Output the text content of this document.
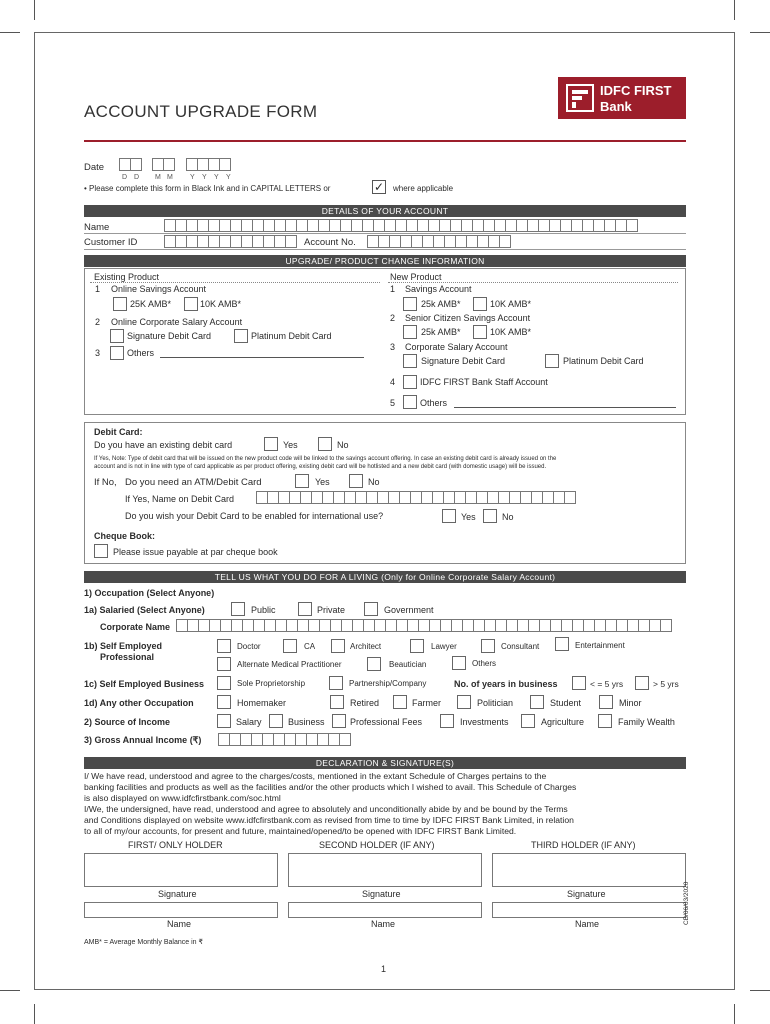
ACCOUNT UPGRADE FORM
IDFC FIRST
Bank
Date
D D M M Y Y Y Y
• Please complete this form in Black Ink and in CAPITAL LETTERS or	✓ where applicable
DETAILS OF YOUR ACCOUNT
Name
Customer ID	Account No.
UPGRADE/ PRODUCT CHANGE INFORMATION
Existing Product	New Product
1 Online Savings Account
25K AMB*	10K AMB*
2 Online Corporate Salary Account
Signature Debit Card	Platinum Debit Card
3	Others
1 Savings Account
25k AMB*	10K AMB*
2 Senior Citizen Savings Account
25k AMB*	10K AMB*
3 Corporate Salary Account
Signature Debit Card	Platinum Debit Card
4	IDFC FIRST Bank Staff Account
5	Others
Debit Card:
Do you have an existing debit card	Yes	No
If Yes, Note: Type of debit card that will be issued on the new product code will be linked to the savings account offering. In case an existing debit card is already issued on the
account and is not in line with type of card applicable as per product offering, existing debit card will be hotlisted and a new debit card (with domestic usage) will be issued.
If No, Do you need an ATM/Debit Card	Yes	No
If Yes, Name on Debit Card
Do you wish your Debit Card to be enabled for international use?	Yes	No
Cheque Book:
Please issue payable at par cheque book
TELL US WHAT YOU DO FOR A LIVING (Only for Online Corporate Salary Account)
1) Occupation (Select Anyone)
1a) Salaried (Select Anyone)	Public	Private	Government
Corporate Name
1b) Self Employed
Professional
Doctor	CA	Architect	Lawyer	Consultant	Entertainment
Alternate Medical Practitioner	Beautician	Others
1c) Self Employed Business	Sole Proprietorship	Partnership/Company	No. of years in business	< = 5 yrs	> 5 yrs
1d) Any other Occupation	Homemaker	Retired	Farmer	Politician	Student	Minor
2) Source of Income	Salary	Business	Professional Fees	Investments	Agriculture	Family Wealth
3) Gross Annual Income (₹)
DECLARATION & SIGNATURE(S)
I/ We have read, understood and agree to the charges/costs, mentioned in the extant Schedule of Charges pertains to the
banking facilities and products as well as the facilities and/or the other products which I wished to avail. This Schedule of Charges
is also displayed on www.idfcfirstbank.com/soc.html
I/We, the undersigned, have read, understood and agree to absolutely and unconditionally abide by and be bound by the Terms
and Conditions displayed on website www.idfcfirstbank.com as revised from time to time by IDFC FIRST Bank Limited, in relation
to all of my/our accounts, for present and future, maintained/opened/to be opened with IDFC FIRST Bank Limited.
FIRST/ ONLY HOLDER	SECOND HOLDER (IF ANY)	THIRD HOLDER (IF ANY)
Signature	Signature	Signature
Name	Name	Name
AMB* = Average Monthly Balance in ₹
1
CB/06/03/2020
